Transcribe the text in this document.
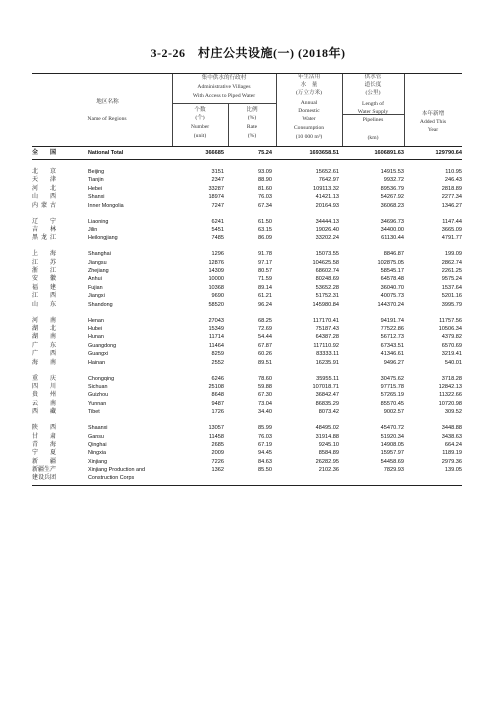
3-2-26　村庄公共设施(一) (2018年)
地区名称
Name of Regions
集中供水的行政村
Administrative Villages
With Access to Piped Water
个数
(个)
Number
(unit)
比例
(%)
Rate
(%)
年生活用
水　量
(万立方米)
Annual
Domestic
Water
Consumption
(10 000 m³)
供水管
道长度
(公里)
Length of
Water Supply
Pipelines
(km)
本年新增
Added This
Year
全　国	National Total	366685	75.24	1693658.51	1606891.63	129790.64
北　京	Beijing	3151	93.09	15652.61	14915.53	110.95
天　津	Tianjin	2347	88.90	7642.97	9932.72	246.43
河　北	Hebei	33287	81.60	109113.32	89536.79	2818.89
山　西	Shanxi	18974	76.03	41421.13	54267.92	2277.34
内蒙古	Inner Mongolia	7247	67.34	20164.93	36068.23	1346.27
辽　宁	Liaoning	6241	61.50	34444.13	34696.73	1147.44
吉　林	Jilin	5451	63.15	19026.40	34400.00	3665.09
黑龙江	Heilongjiang	7485	86.09	33202.24	61130.44	4791.77
上　海	Shanghai	1296	91.78	15073.55	8846.87	199.09
江　苏	Jiangsu	12876	97.17	104625.58	102875.05	2862.74
浙　江	Zhejiang	14309	80.57	68602.74	58545.17	2261.25
安　徽	Anhui	10000	71.59	80248.69	64578.48	9575.24
福　建	Fujian	10368	89.14	53652.28	36040.70	1537.64
江　西	Jiangxi	9690	61.21	51752.31	40075.73	5201.16
山　东	Shandong	58520	96.24	145980.84	144370.24	3995.79
河　南	Henan	27043	68.25	117170.41	94191.74	11757.56
湖　北	Hubei	15349	72.69	75187.43	77522.86	10506.34
湖　南	Hunan	11714	54.44	64387.28	56712.73	4379.82
广　东	Guangdong	11464	67.87	117110.92	67343.51	6570.69
广　西	Guangxi	8259	60.26	83333.11	41346.61	3219.41
海　南	Hainan	2552	89.51	16235.91	9496.27	540.01
重　庆	Chongqing	6246	78.60	35955.11	30475.62	3718.28
四　川	Sichuan	25108	59.88	107018.71	97715.78	12842.13
贵　州	Guizhou	8648	67.30	36842.47	57265.19	11322.66
云　南	Yunnan	9487	73.04	86835.29	85570.45	10720.98
西　藏	Tibet	1726	34.40	8073.42	9002.57	309.52
陕　西	Shaanxi	13057	85.99	48495.02	45470.72	3448.88
甘　肃	Gansu	11458	76.03	31914.88	51920.34	3438.63
青　海	Qinghai	2685	67.19	9245.10	14908.05	664.24
宁　夏	Ningxia	2009	94.45	8584.89	15957.97	1189.19
新　疆	Xinjiang	7226	84.63	26282.95	54458.69	2979.36
新疆生产	Xinjiang Production and	1362	85.50	2102.36	7829.93	139.05
建设兵团	Construction Corps
